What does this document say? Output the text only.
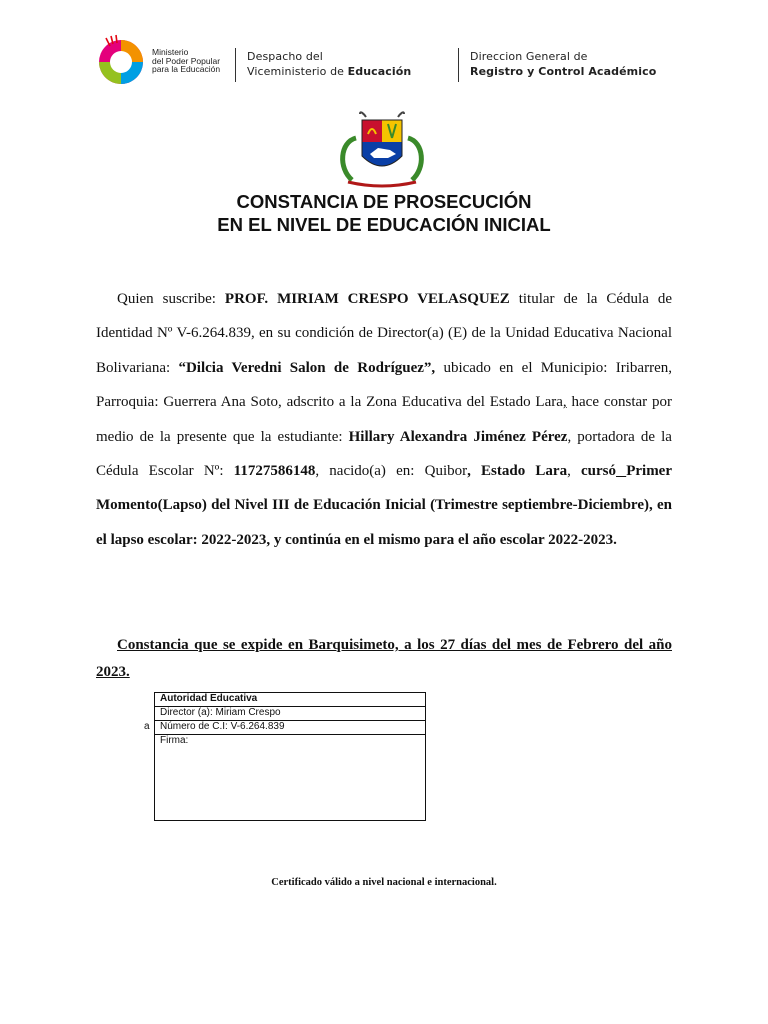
Ministerio
del Poder Popular
para la Educación
Despacho del
Viceministerio de Educación
Direccion General de
Registro y Control Académico
CONSTANCIA DE PROSECUCIÓN
EN EL NIVEL DE EDUCACIÓN INICIAL
Quien suscribe: PROF. MIRIAM CRESPO VELASQUEZ titular de la Cédula de Identidad Nº V-6.264.839, en su condición de Director(a) (E) de la Unidad Educativa Nacional Bolivariana: “Dilcia Veredni Salon de Rodríguez”, ubicado en el Municipio: Iribarren, Parroquia: Guerrera Ana Soto, adscrito a la Zona Educativa del Estado Lara, hace constar por medio de la presente que la estudiante: Hillary Alexandra Jiménez Pérez, portadora de la Cédula Escolar Nº: 11727586148, nacido(a) en: Quibor, Estado Lara, cursó Primer Momento(Lapso) del Nivel III de Educación Inicial (Trimestre septiembre-Diciembre), en el lapso escolar: 2022-2023, y continúa en el mismo para el año escolar 2022-2023.
Constancia que se expide en Barquisimeto, a los 27 días del mes de Febrero del año 2023.
a
Autoridad Educativa
Director (a): Miriam Crespo
Número de C.I: V-6.264.839
Firma:
Certificado válido a nivel nacional e internacional.
